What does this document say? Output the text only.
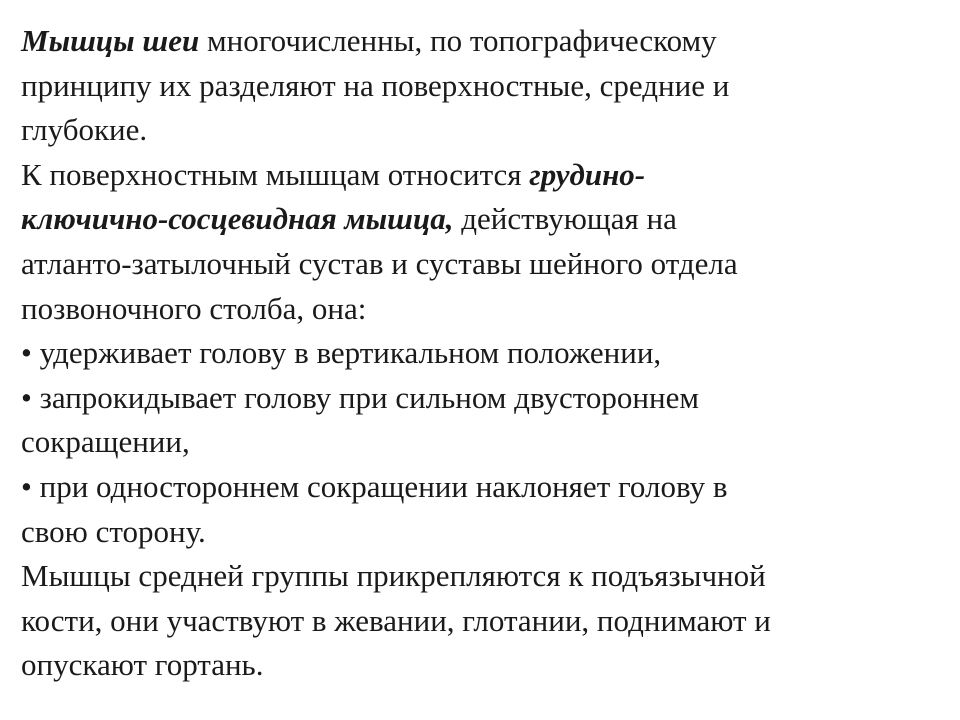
Мышцы шеи многочисленны, по топографическому
принципу их разделяют на поверхностные, средние и
глубокие.
К поверхностным мышцам относится грудино-
ключично-сосцевидная мышца, действующая на
атланто-затылочный сустав и суставы шейного отдела
позвоночного столба, она:
• удерживает голову в вертикальном положении,
• запрокидывает голову при сильном двустороннем
сокращении,
• при одностороннем сокращении наклоняет голову в
свою сторону.
Мышцы средней группы прикрепляются к подъязычной
кости, они участвуют в жевании, глотании, поднимают и
опускают гортань.
